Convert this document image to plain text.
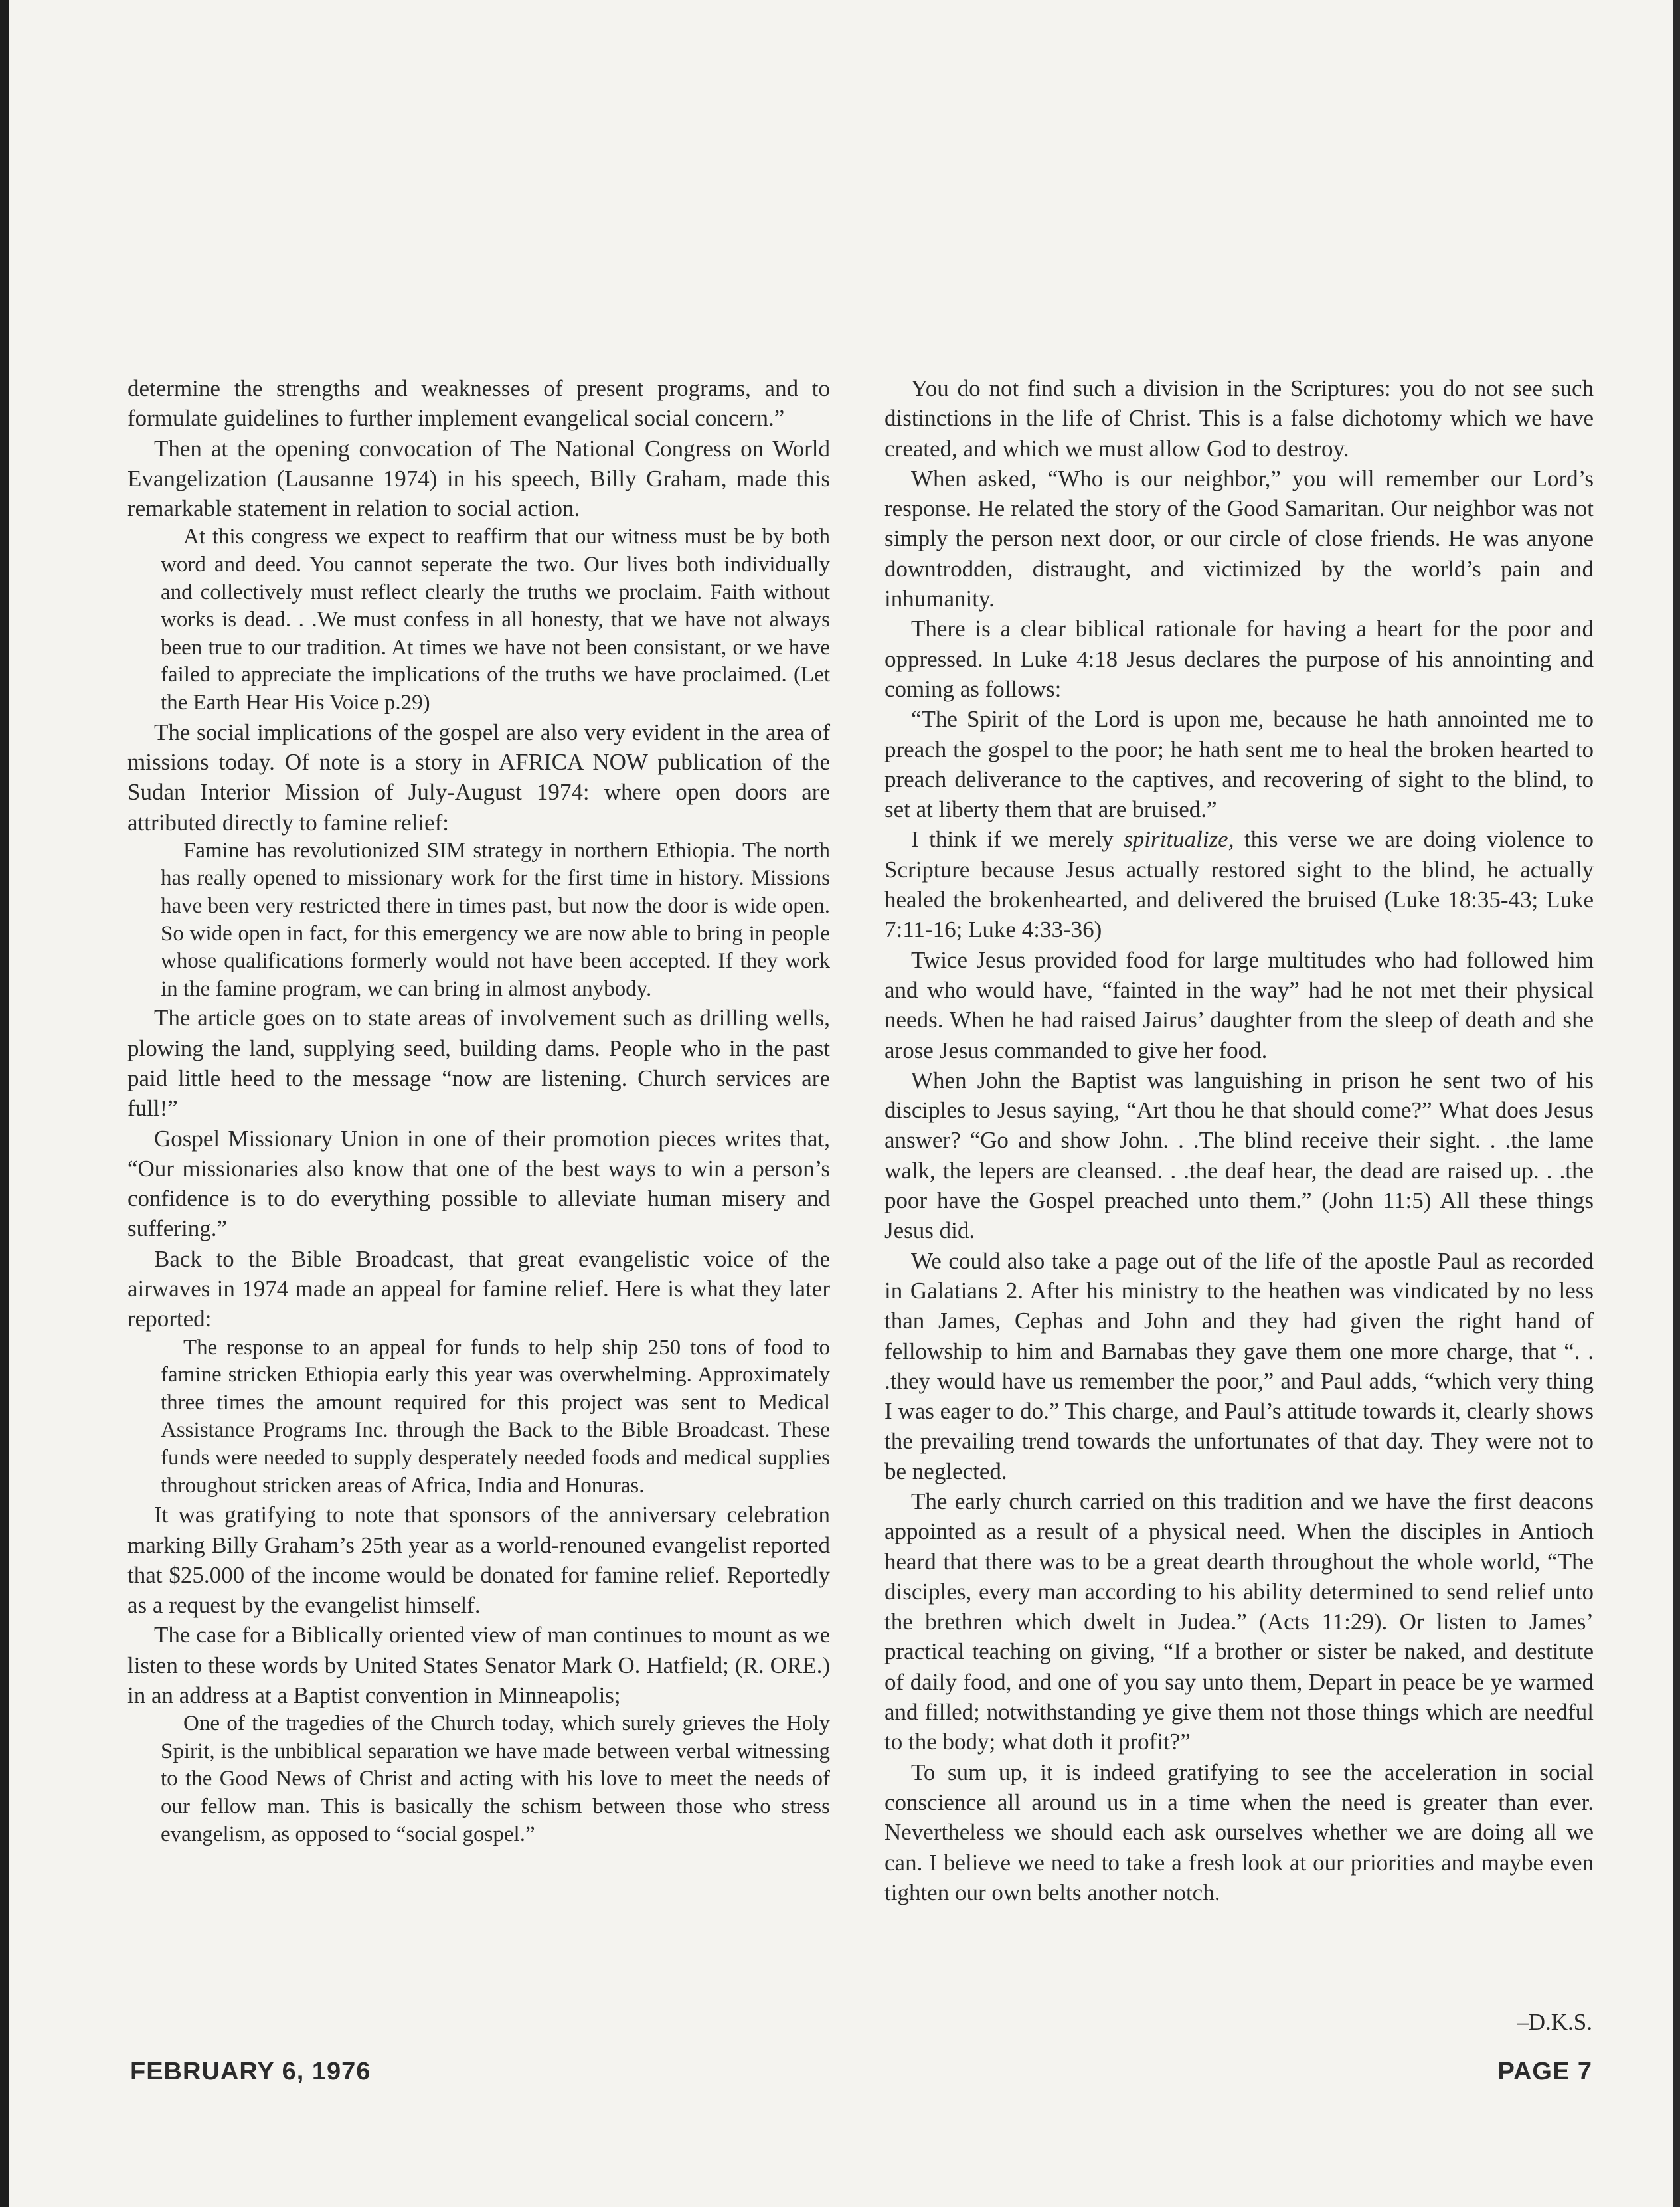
determine the strengths and weaknesses of present programs, and to formulate guidelines to further implement evangelical social concern.”

Then at the opening convocation of The National Congress on World Evangelization (Lausanne 1974) in his speech, Billy Graham, made this remarkable statement in relation to social action.

At this congress we expect to reaffirm that our witness must be by both word and deed. You cannot seperate the two. Our lives both individually and collectively must reflect clearly the truths we proclaim. Faith without works is dead. . .We must confess in all honesty, that we have not always been true to our tradition. At times we have not been consistant, or we have failed to appreciate the implications of the truths we have proclaimed. (Let the Earth Hear His Voice p.29)

The social implications of the gospel are also very evident in the area of missions today. Of note is a story in AFRICA NOW publication of the Sudan Interior Mission of July-August 1974: where open doors are attributed directly to famine relief:

Famine has revolutionized SIM strategy in northern Ethiopia. The north has really opened to missionary work for the first time in history. Missions have been very restricted there in times past, but now the door is wide open. So wide open in fact, for this emergency we are now able to bring in people whose qualifications formerly would not have been accepted. If they work in the famine program, we can bring in almost anybody.

The article goes on to state areas of involvement such as drilling wells, plowing the land, supplying seed, building dams. People who in the past paid little heed to the message “now are listening. Church services are full!”

Gospel Missionary Union in one of their promotion pieces writes that, “Our missionaries also know that one of the best ways to win a person’s confidence is to do everything possible to alleviate human misery and suffering.”

Back to the Bible Broadcast, that great evangelistic voice of the airwaves in 1974 made an appeal for famine relief. Here is what they later reported:

The response to an appeal for funds to help ship 250 tons of food to famine stricken Ethiopia early this year was overwhelming. Approximately three times the amount required for this project was sent to Medical Assistance Programs Inc. through the Back to the Bible Broadcast. These funds were needed to supply desperately needed foods and medical supplies throughout stricken areas of Africa, India and Honuras.

It was gratifying to note that sponsors of the anniversary celebration marking Billy Graham’s 25th year as a world-renouned evangelist reported that $25.000 of the income would be donated for famine relief. Reportedly as a request by the evangelist himself.

The case for a Biblically oriented view of man continues to mount as we listen to these words by United States Senator Mark O. Hatfield; (R. ORE.) in an address at a Baptist convention in Minneapolis;

One of the tragedies of the Church today, which surely grieves the Holy Spirit, is the unbiblical separation we have made between verbal witnessing to the Good News of Christ and acting with his love to meet the needs of our fellow man. This is basically the schism between those who stress evangelism, as opposed to “social gospel.”

You do not find such a division in the Scriptures: you do not see such distinctions in the life of Christ. This is a false dichotomy which we have created, and which we must allow God to destroy.

When asked, “Who is our neighbor,” you will remember our Lord’s response. He related the story of the Good Samaritan. Our neighbor was not simply the person next door, or our circle of close friends. He was anyone downtrodden, distraught, and victimized by the world’s pain and inhumanity.

There is a clear biblical rationale for having a heart for the poor and oppressed. In Luke 4:18 Jesus declares the purpose of his annointing and coming as follows:

“The Spirit of the Lord is upon me, because he hath annointed me to preach the gospel to the poor; he hath sent me to heal the broken hearted to preach deliverance to the captives, and recovering of sight to the blind, to set at liberty them that are bruised.”

I think if we merely spiritualize, this verse we are doing violence to Scripture because Jesus actually restored sight to the blind, he actually healed the brokenhearted, and delivered the bruised (Luke 18:35-43; Luke 7:11-16; Luke 4:33-36)

Twice Jesus provided food for large multitudes who had followed him and who would have, “fainted in the way” had he not met their physical needs. When he had raised Jairus’ daughter from the sleep of death and she arose Jesus commanded to give her food.

When John the Baptist was languishing in prison he sent two of his disciples to Jesus saying, “Art thou he that should come?” What does Jesus answer? “Go and show John. . .The blind receive their sight. . .the lame walk, the lepers are cleansed. . .the deaf hear, the dead are raised up. . .the poor have the Gospel preached unto them.” (John 11:5) All these things Jesus did.

We could also take a page out of the life of the apostle Paul as recorded in Galatians 2. After his ministry to the heathen was vindicated by no less than James, Cephas and John and they had given the right hand of fellowship to him and Barnabas they gave them one more charge, that “. . .they would have us remember the poor,” and Paul adds, “which very thing I was eager to do.” This charge, and Paul’s attitude towards it, clearly shows the prevailing trend towards the unfortunates of that day. They were not to be neglected.

The early church carried on this tradition and we have the first deacons appointed as a result of a physical need. When the disciples in Antioch heard that there was to be a great dearth throughout the whole world, “The disciples, every man according to his ability determined to send relief unto the brethren which dwelt in Judea.” (Acts 11:29). Or listen to James’ practical teaching on giving, “If a brother or sister be naked, and destitute of daily food, and one of you say unto them, Depart in peace be ye warmed and filled; notwithstanding ye give them not those things which are needful to the body; what doth it profit?”

To sum up, it is indeed gratifying to see the acceleration in social conscience all around us in a time when the need is greater than ever. Nevertheless we should each ask ourselves whether we are doing all we can. I believe we need to take a fresh look at our priorities and maybe even tighten our own belts another notch.

–D.K.S.
FEBRUARY 6, 1976	PAGE 7
